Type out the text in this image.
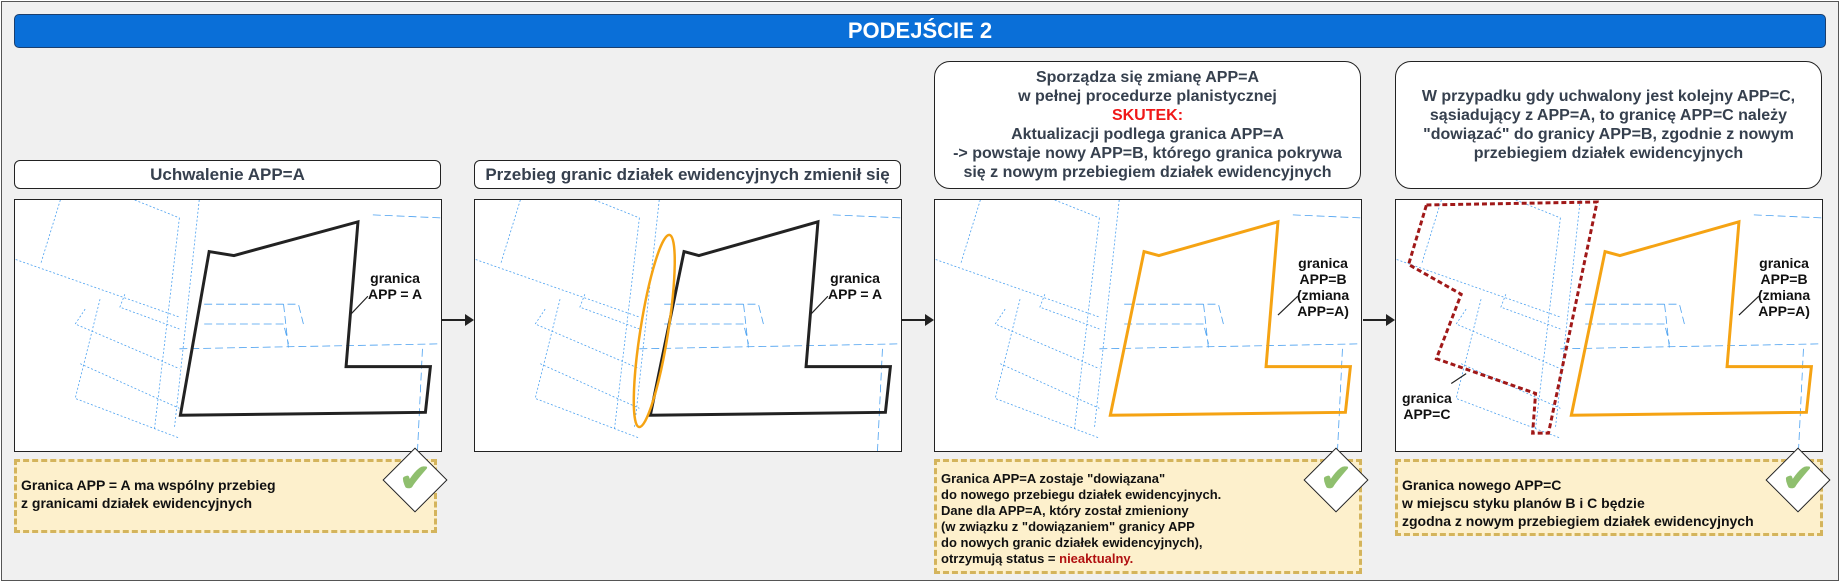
PODEJŚCIE 2
Uchwalenie APP=A	Przebieg granic działek ewidencyjnych zmienił się
Sporządza się zmianę APP=A
w pełnej procedurze planistycznej
SKUTEK:
Aktualizacji podlega granica APP=A
-> powstaje nowy APP=B, którego granica pokrywa
się z nowym przebiegiem działek ewidencyjnych
W przypadku gdy uchwalony jest kolejny APP=C,
sąsiadujący z APP=A, to granicę APP=C należy
"dowiązać" do granicy APP=B, zgodnie z nowym
przebiegiem działek ewidencyjnych
granica
APP = A
granica
APP = A
granica
APP=B
(zmiana
APP=A)
granica
APP=B
(zmiana
APP=A)
granica
APP=C
Granica APP = A ma wspólny przebieg
z granicami działek ewidencyjnych
Granica APP=A zostaje "dowiązana"
do nowego przebiegu działek ewidencyjnych.
Dane dla APP=A, który został zmieniony
(w związku z "dowiązaniem" granicy APP
do nowych granic działek ewidencyjnych),
otrzymują status = nieaktualny.
Granica nowego APP=C
w miejscu styku planów B i C będzie
zgodna z nowym przebiegiem działek ewidencyjnych
✔	✔	✔
